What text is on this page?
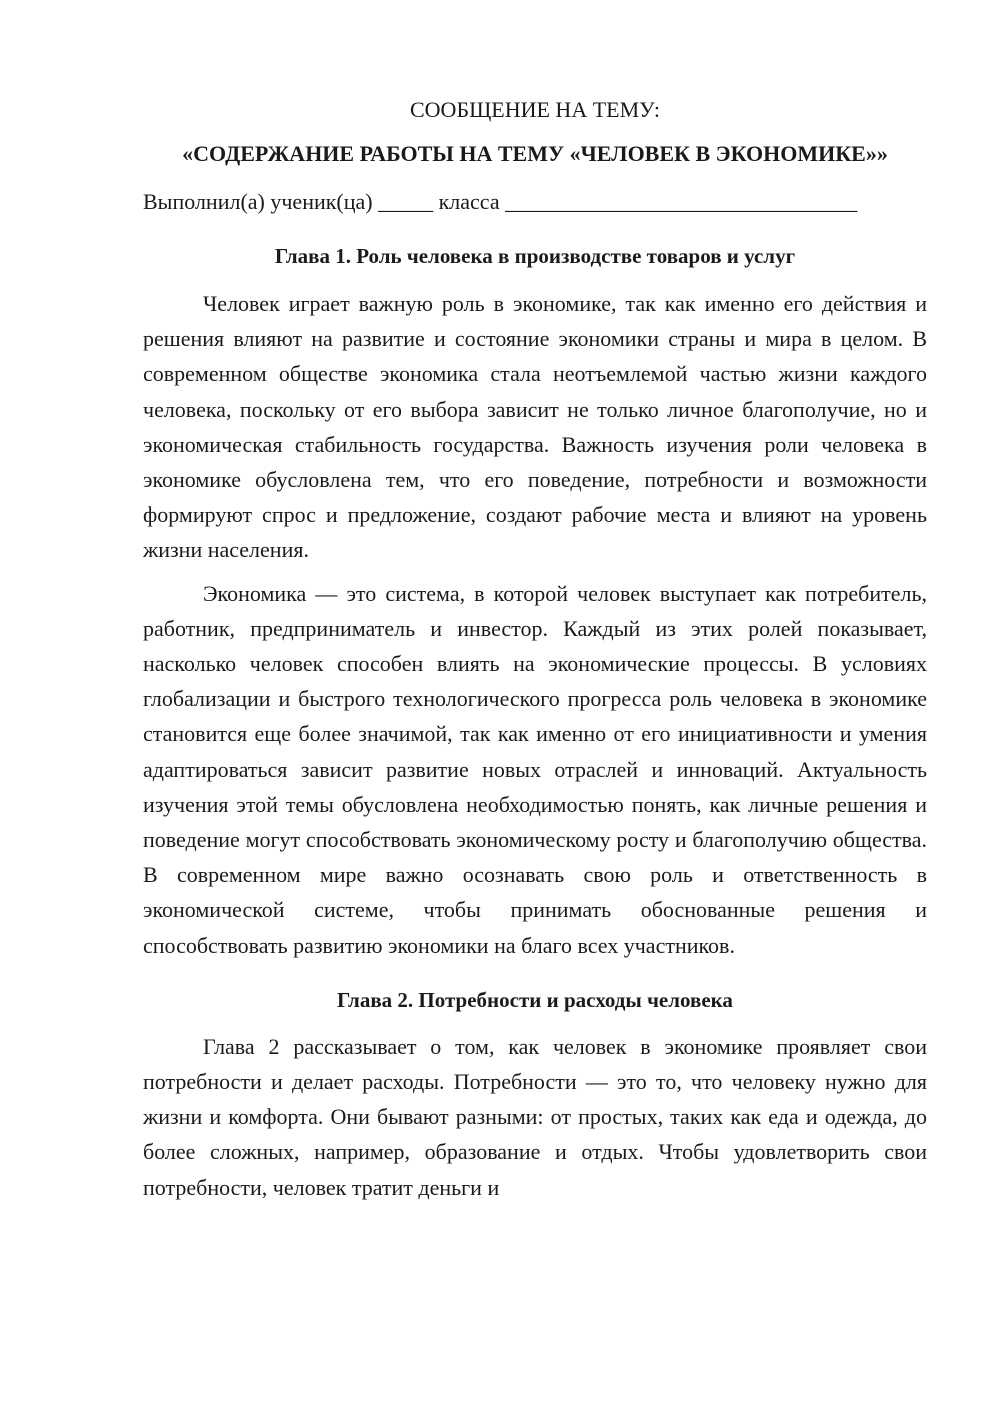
СООБЩЕНИЕ НА ТЕМУ:

«СОДЕРЖАНИЕ РАБОТЫ НА ТЕМУ «ЧЕЛОВЕК В ЭКОНОМИКЕ»»

Выполнил(а) ученик(ца) _____ класса ________________________________

Глава 1. Роль человека в производстве товаров и услуг

Человек играет важную роль в экономике, так как именно его действия и решения влияют на развитие и состояние экономики страны и мира в целом. В современном обществе экономика стала неотъемлемой частью жизни каждого человека, поскольку от его выбора зависит не только личное благополучие, но и экономическая стабильность государства. Важность изучения роли человека в экономике обусловлена тем, что его поведение, потребности и возможности формируют спрос и предложение, создают рабочие места и влияют на уровень жизни населения.

Экономика — это система, в которой человек выступает как потребитель, работник, предприниматель и инвестор. Каждый из этих ролей показывает, насколько человек способен влиять на экономические процессы. В условиях глобализации и быстрого технологического прогресса роль человека в экономике становится еще более значимой, так как именно от его инициативности и умения адаптироваться зависит развитие новых отраслей и инноваций. Актуальность изучения этой темы обусловлена необходимостью понять, как личные решения и поведение могут способствовать экономическому росту и благополучию общества. В современном мире важно осознавать свою роль и ответственность в экономической системе, чтобы принимать обоснованные решения и способствовать развитию экономики на благо всех участников.

Глава 2. Потребности и расходы человека

Глава 2 рассказывает о том, как человек в экономике проявляет свои потребности и делает расходы. Потребности — это то, что человеку нужно для жизни и комфорта. Они бывают разными: от простых, таких как еда и одежда, до более сложных, например, образование и отдых. Чтобы удовлетворить свои потребности, человек тратит деньги и
